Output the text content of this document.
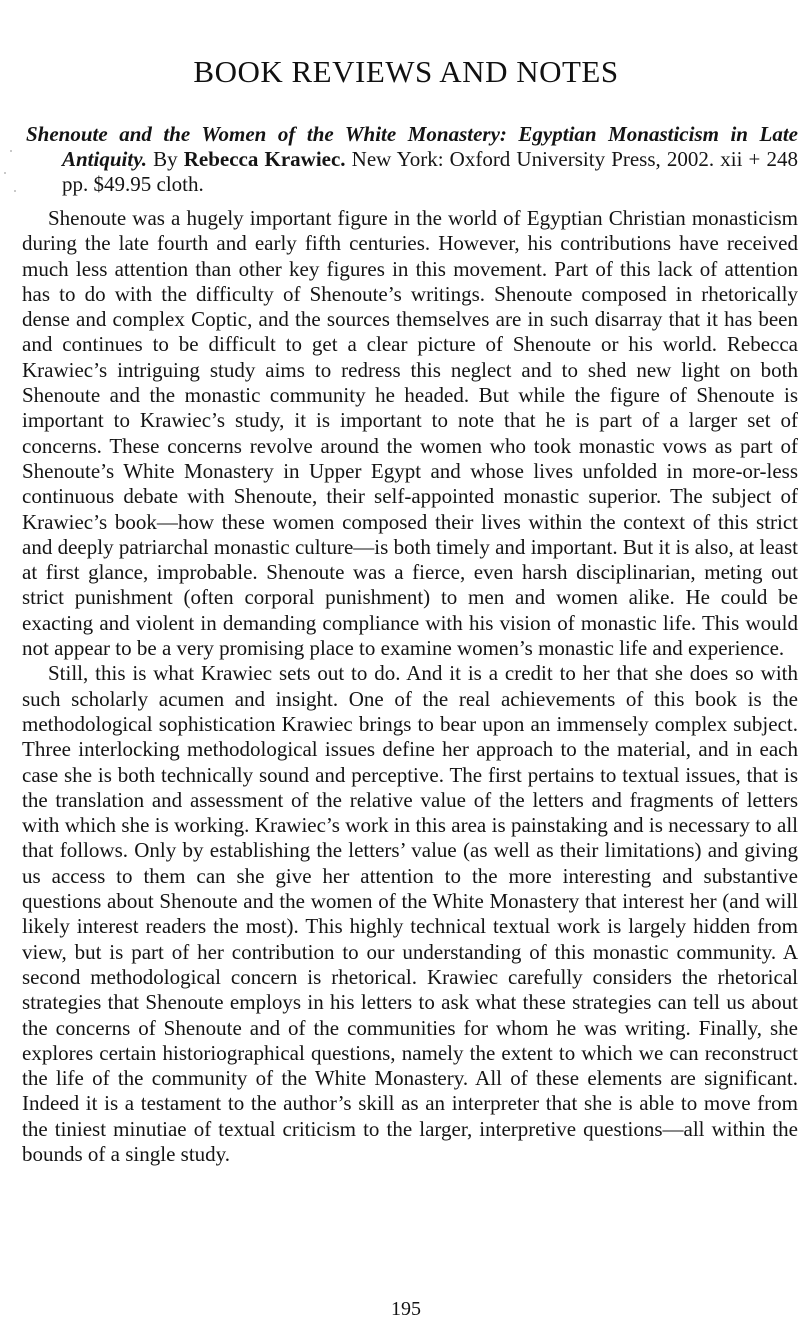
BOOK REVIEWS AND NOTES

Shenoute and the Women of the White Monastery: Egyptian Monasticism in Late Antiquity. By Rebecca Krawiec. New York: Oxford University Press, 2002. xii + 248 pp. $49.95 cloth.

Shenoute was a hugely important figure in the world of Egyptian Christian monasticism during the late fourth and early fifth centuries. However, his contributions have received much less attention than other key figures in this movement. Part of this lack of attention has to do with the difficulty of Shenoute’s writings. Shenoute composed in rhetorically dense and complex Coptic, and the sources themselves are in such disarray that it has been and continues to be difficult to get a clear picture of Shenoute or his world. Rebecca Krawiec’s intriguing study aims to redress this neglect and to shed new light on both Shenoute and the monastic community he headed. But while the figure of Shenoute is important to Krawiec’s study, it is important to note that he is part of a larger set of concerns. These concerns revolve around the women who took monastic vows as part of Shenoute’s White Monastery in Upper Egypt and whose lives unfolded in more-or-less continuous debate with Shenoute, their self-appointed monastic superior. The subject of Krawiec’s book—how these women composed their lives within the context of this strict and deeply patriarchal monastic culture—is both timely and important. But it is also, at least at first glance, improbable. Shenoute was a fierce, even harsh disciplinarian, meting out strict punishment (often corporal punishment) to men and women alike. He could be exacting and violent in demanding compliance with his vision of monastic life. This would not appear to be a very promising place to examine women’s monastic life and experience.

Still, this is what Krawiec sets out to do. And it is a credit to her that she does so with such scholarly acumen and insight. One of the real achievements of this book is the methodological sophistication Krawiec brings to bear upon an immensely complex subject. Three interlocking methodological issues define her approach to the material, and in each case she is both technically sound and perceptive. The first pertains to textual issues, that is the translation and assessment of the relative value of the letters and fragments of letters with which she is working. Krawiec’s work in this area is painstaking and is necessary to all that follows. Only by establishing the letters’ value (as well as their limitations) and giving us access to them can she give her attention to the more interesting and substantive questions about Shenoute and the women of the White Monastery that interest her (and will likely interest readers the most). This highly technical textual work is largely hidden from view, but is part of her contribution to our understanding of this monastic community. A second methodological concern is rhetorical. Krawiec carefully considers the rhetorical strategies that Shenoute employs in his letters to ask what these strategies can tell us about the concerns of Shenoute and of the communities for whom he was writing. Finally, she explores certain historiographical questions, namely the extent to which we can reconstruct the life of the community of the White Monastery. All of these elements are significant. Indeed it is a testament to the author’s skill as an interpreter that she is able to move from the tiniest minutiae of textual criticism to the larger, interpretive questions—all within the bounds of a single study.

195
